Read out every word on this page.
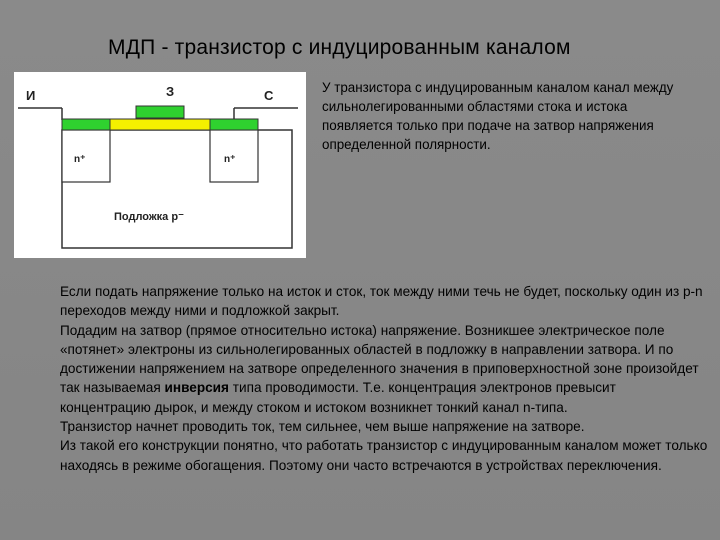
МДП - транзистор с индуцированным каналом
И	З	С
n⁺	n⁺
Подложка p⁻
У транзистора с индуцированным каналом канал между сильнолегированными областями стока и истока появляется только при подаче на затвор напряжения определенной полярности.

Если подать напряжение только на исток и сток, ток между ними течь не будет, поскольку один из p-n переходов между ними и подложкой закрыт.

Подадим на затвор (прямое относительно истока) напряжение. Возникшее электрическое поле «потянет» электроны из сильнолегированных областей в подложку в направлении затвора. И по достижении напряжением на затворе определенного значения в приповерхностной зоне произойдет так называемая инверсия типа проводимости. Т.е. концентрация электронов превысит концентрацию дырок, и между стоком и истоком возникнет тонкий канал n-типа.

Транзистор начнет проводить ток, тем сильнее, чем выше напряжение на затворе.

Из такой его конструкции понятно, что работать транзистор с индуцированным каналом может только находясь в режиме обогащения. Поэтому они часто встречаются в устройствах переключения.
